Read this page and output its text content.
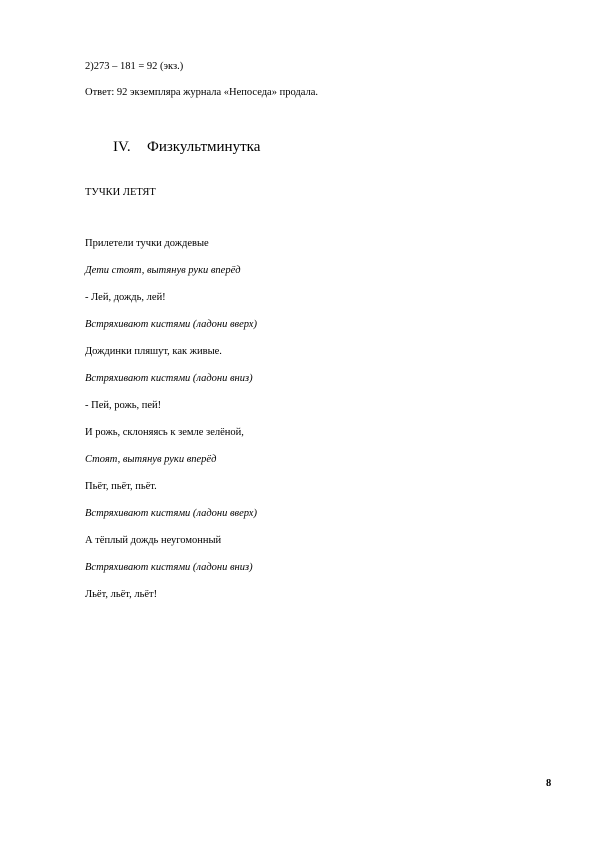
2)273 – 181 = 92 (экз.)
Ответ: 92 экземпляра журнала «Непоседа» продала.
IV. Физкультминутка
ТУЧКИ ЛЕТЯТ
Прилетели тучки дождевые
Дети стоят, вытянув руки вперёд
- Лей, дождь, лей!
Встряхивают кистями (ладони вверх)
Дождинки пляшут, как живые.
Встряхивают кистями (ладони вниз)
- Пей, рожь, пей!
И рожь, склоняясь к земле зелёной,
Стоят, вытянув руки вперёд
Пьёт, пьёт, пьёт.
Встряхивают кистями (ладони вверх)
А тёплый дождь неугомонный
Встряхивают кистями (ладони вниз)
Льёт, льёт, льёт!
8
